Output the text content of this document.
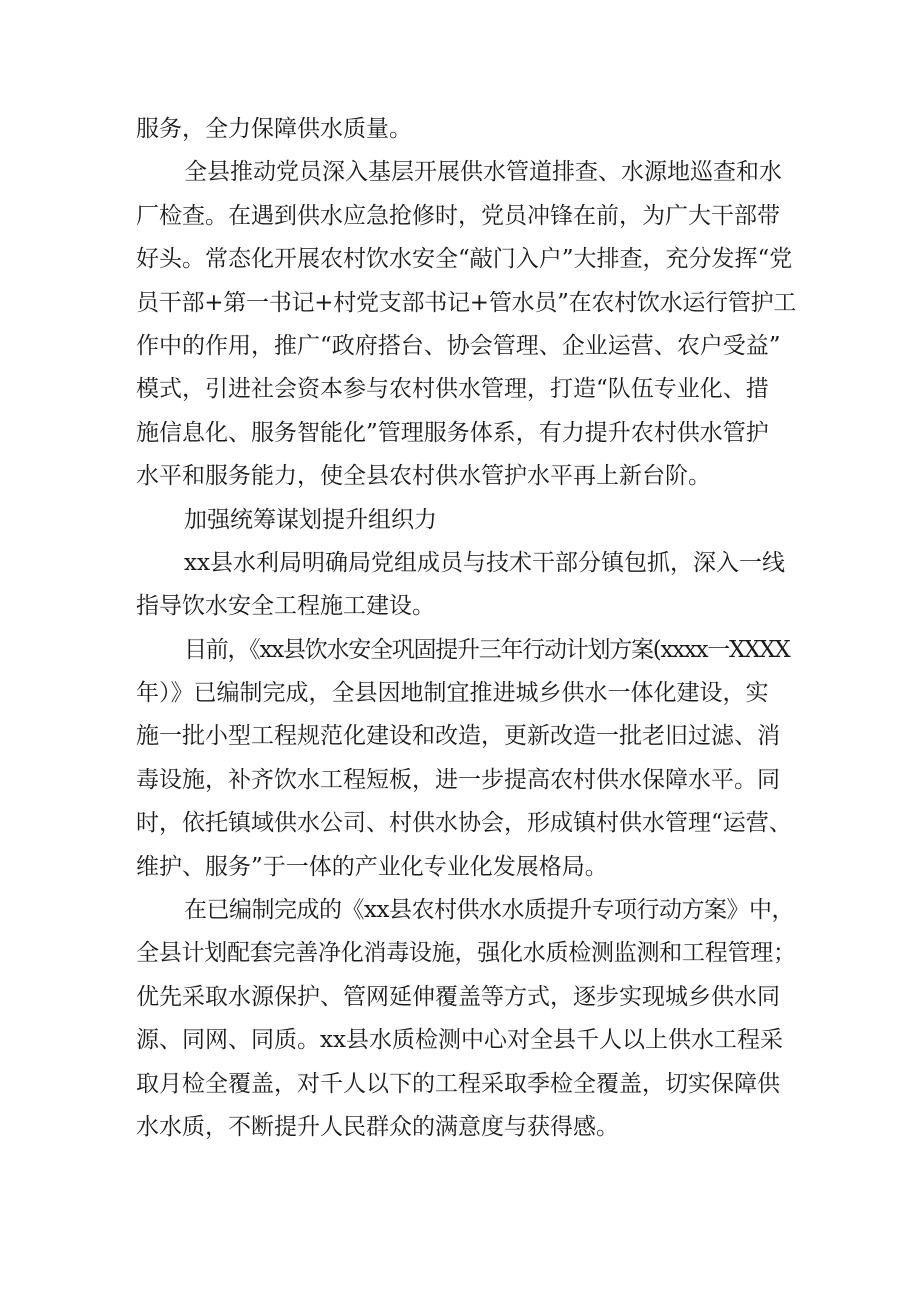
服务，全力保障供水质量。
全县推动党员深入基层开展供水管道排查、水源地巡查和水
厂检查。在遇到供水应急抢修时，党员冲锋在前，为广大干部带
好头。常态化开展农村饮水安全“敲门入户”大排查，充分发挥“党
员干部+第一书记+村党支部书记+管水员”在农村饮水运行管护工
作中的作用，推广“政府搭台、协会管理、企业运营、农户受益”
模式，引进社会资本参与农村供水管理，打造“队伍专业化、措
施信息化、服务智能化”管理服务体系，有力提升农村供水管护
水平和服务能力，使全县农村供水管护水平再上新台阶。
加强统筹谋划提升组织力
xx县水利局明确局党组成员与技术干部分镇包抓，深入一线
指导饮水安全工程施工建设。
目前，《xx县饮水安全巩固提升三年行动计划方案(xxxx一XXXX
年）》已编制完成，全县因地制宜推进城乡供水一体化建设，实
施一批小型工程规范化建设和改造，更新改造一批老旧过滤、消
毒设施，补齐饮水工程短板，进一步提高农村供水保障水平。同
时，依托镇域供水公司、村供水协会，形成镇村供水管理“运营、
维护、服务”于一体的产业化专业化发展格局。
在已编制完成的《xx县农村供水水质提升专项行动方案》中，
全县计划配套完善净化消毒设施，强化水质检测监测和工程管理；
优先采取水源保护、管网延伸覆盖等方式，逐步实现城乡供水同
源、同网、同质。xx县水质检测中心对全县千人以上供水工程采
取月检全覆盖，对千人以下的工程采取季检全覆盖，切实保障供
水水质，不断提升人民群众的满意度与获得感。
